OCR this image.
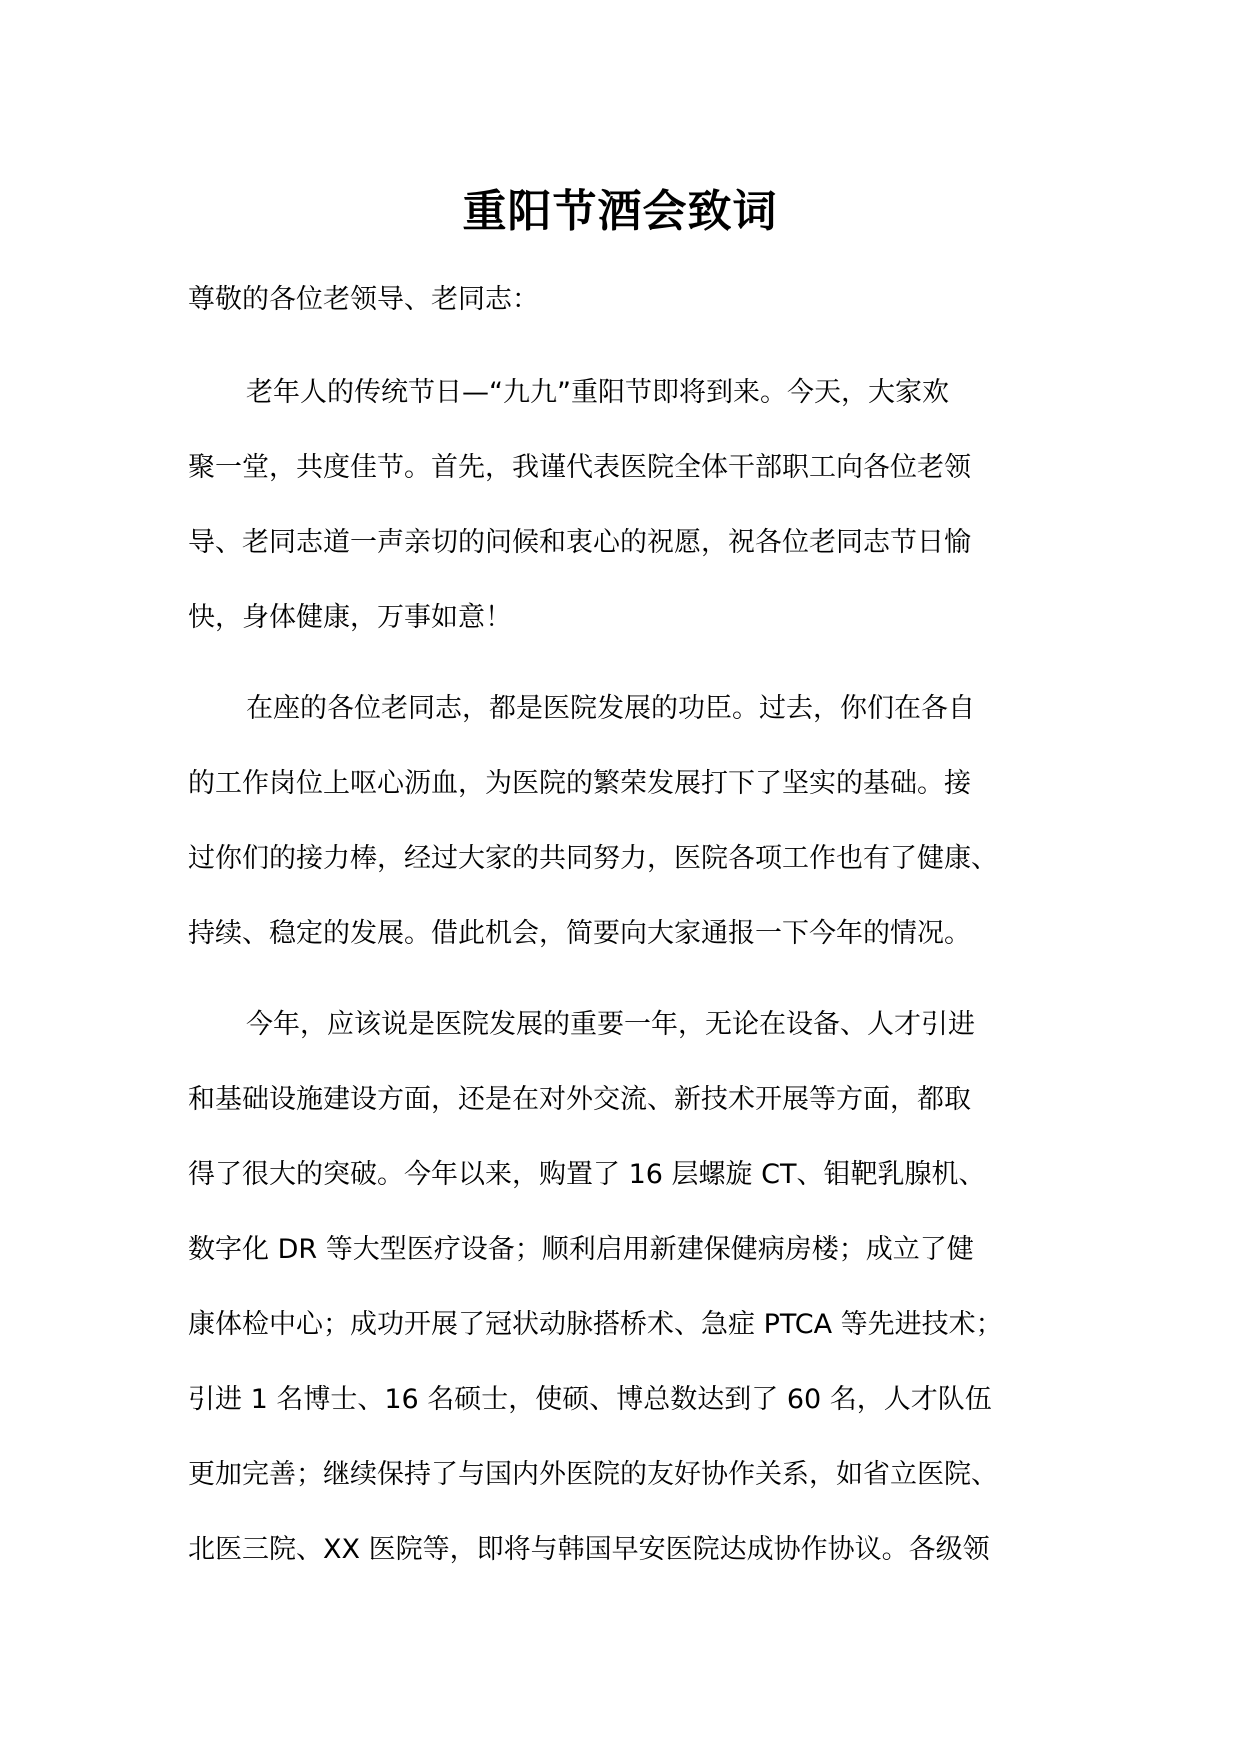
重阳节酒会致词
尊敬的各位老领导、老同志：
老年人的传统节日—“九九”重阳节即将到来。今天，大家欢
聚一堂，共度佳节。首先，我谨代表医院全体干部职工向各位老领
导、老同志道一声亲切的问候和衷心的祝愿，祝各位老同志节日愉
快，身体健康，万事如意！
在座的各位老同志，都是医院发展的功臣。过去，你们在各自
的工作岗位上呕心沥血，为医院的繁荣发展打下了坚实的基础。接
过你们的接力棒，经过大家的共同努力，医院各项工作也有了健康、
持续、稳定的发展。借此机会，简要向大家通报一下今年的情况。
今年，应该说是医院发展的重要一年，无论在设备、人才引进
和基础设施建设方面，还是在对外交流、新技术开展等方面，都取
得了很大的突破。今年以来，购置了 16 层螺旋 CT、钼靶乳腺机、
数字化 DR 等大型医疗设备；顺利启用新建保健病房楼；成立了健
康体检中心；成功开展了冠状动脉搭桥术、急症 PTCA 等先进技术；
引进 1 名博士、16 名硕士，使硕、博总数达到了 60 名，人才队伍
更加完善；继续保持了与国内外医院的友好协作关系，如省立医院、
北医三院、XX 医院等，即将与韩国早安医院达成协作协议。各级领
